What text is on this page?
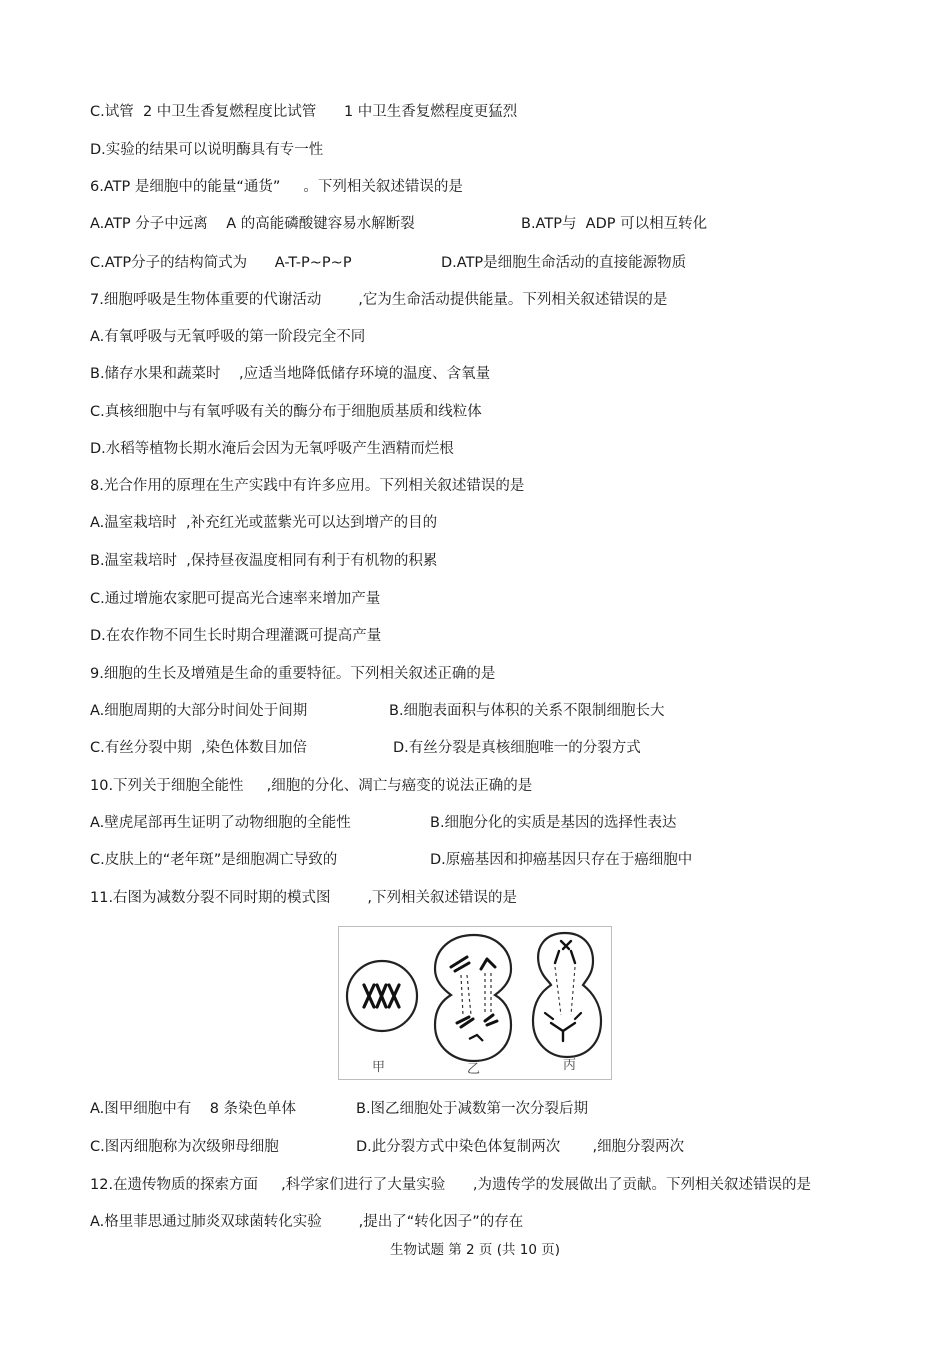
C.试管  2 中卫生香复燃程度比试管      1 中卫生香复燃程度更猛烈
D.实验的结果可以说明酶具有专一性
6.ATP 是细胞中的能量“通货”     。下列相关叙述错误的是
A.ATP 分子中远离    A 的高能磷酸键容易水解断裂	B.ATP与  ADP 可以相互转化
C.ATP分子的结构简式为      A-T-P~P~P	D.ATP是细胞生命活动的直接能源物质
7.细胞呼吸是生物体重要的代谢活动        ,它为生命活动提供能量。下列相关叙述错误的是
A.有氧呼吸与无氧呼吸的第一阶段完全不同
B.储存水果和蔬菜时    ,应适当地降低储存环境的温度、含氧量
C.真核细胞中与有氧呼吸有关的酶分布于细胞质基质和线粒体
D.水稻等植物长期水淹后会因为无氧呼吸产生酒精而烂根
8.光合作用的原理在生产实践中有许多应用。下列相关叙述错误的是
A.温室栽培时  ,补充红光或蓝紫光可以达到增产的目的
B.温室栽培时  ,保持昼夜温度相同有利于有机物的积累
C.通过增施农家肥可提高光合速率来增加产量
D.在农作物不同生长时期合理灌溉可提高产量
9.细胞的生长及增殖是生命的重要特征。下列相关叙述正确的是
A.细胞周期的大部分时间处于间期	B.细胞表面积与体积的关系不限制细胞长大
C.有丝分裂中期  ,染色体数目加倍	D.有丝分裂是真核细胞唯一的分裂方式
10.下列关于细胞全能性     ,细胞的分化、凋亡与癌变的说法正确的是
A.壁虎尾部再生证明了动物细胞的全能性	B.细胞分化的实质是基因的选择性表达
C.皮肤上的“老年斑”是细胞凋亡导致的	D.原癌基因和抑癌基因只存在于癌细胞中
11.右图为减数分裂不同时期的模式图        ,下列相关叙述错误的是
甲	乙	丙
A.图甲细胞中有    8 条染色单体	B.图乙细胞处于减数第一次分裂后期
C.图丙细胞称为次级卵母细胞	D.此分裂方式中染色体复制两次       ,细胞分裂两次
12.在遗传物质的探索方面     ,科学家们进行了大量实验      ,为遗传学的发展做出了贡献。下列相关叙述错误的是
A.格里菲思通过肺炎双球菌转化实验        ,提出了“转化因子”的存在
生物试题 第 2 页 (共 10 页)
